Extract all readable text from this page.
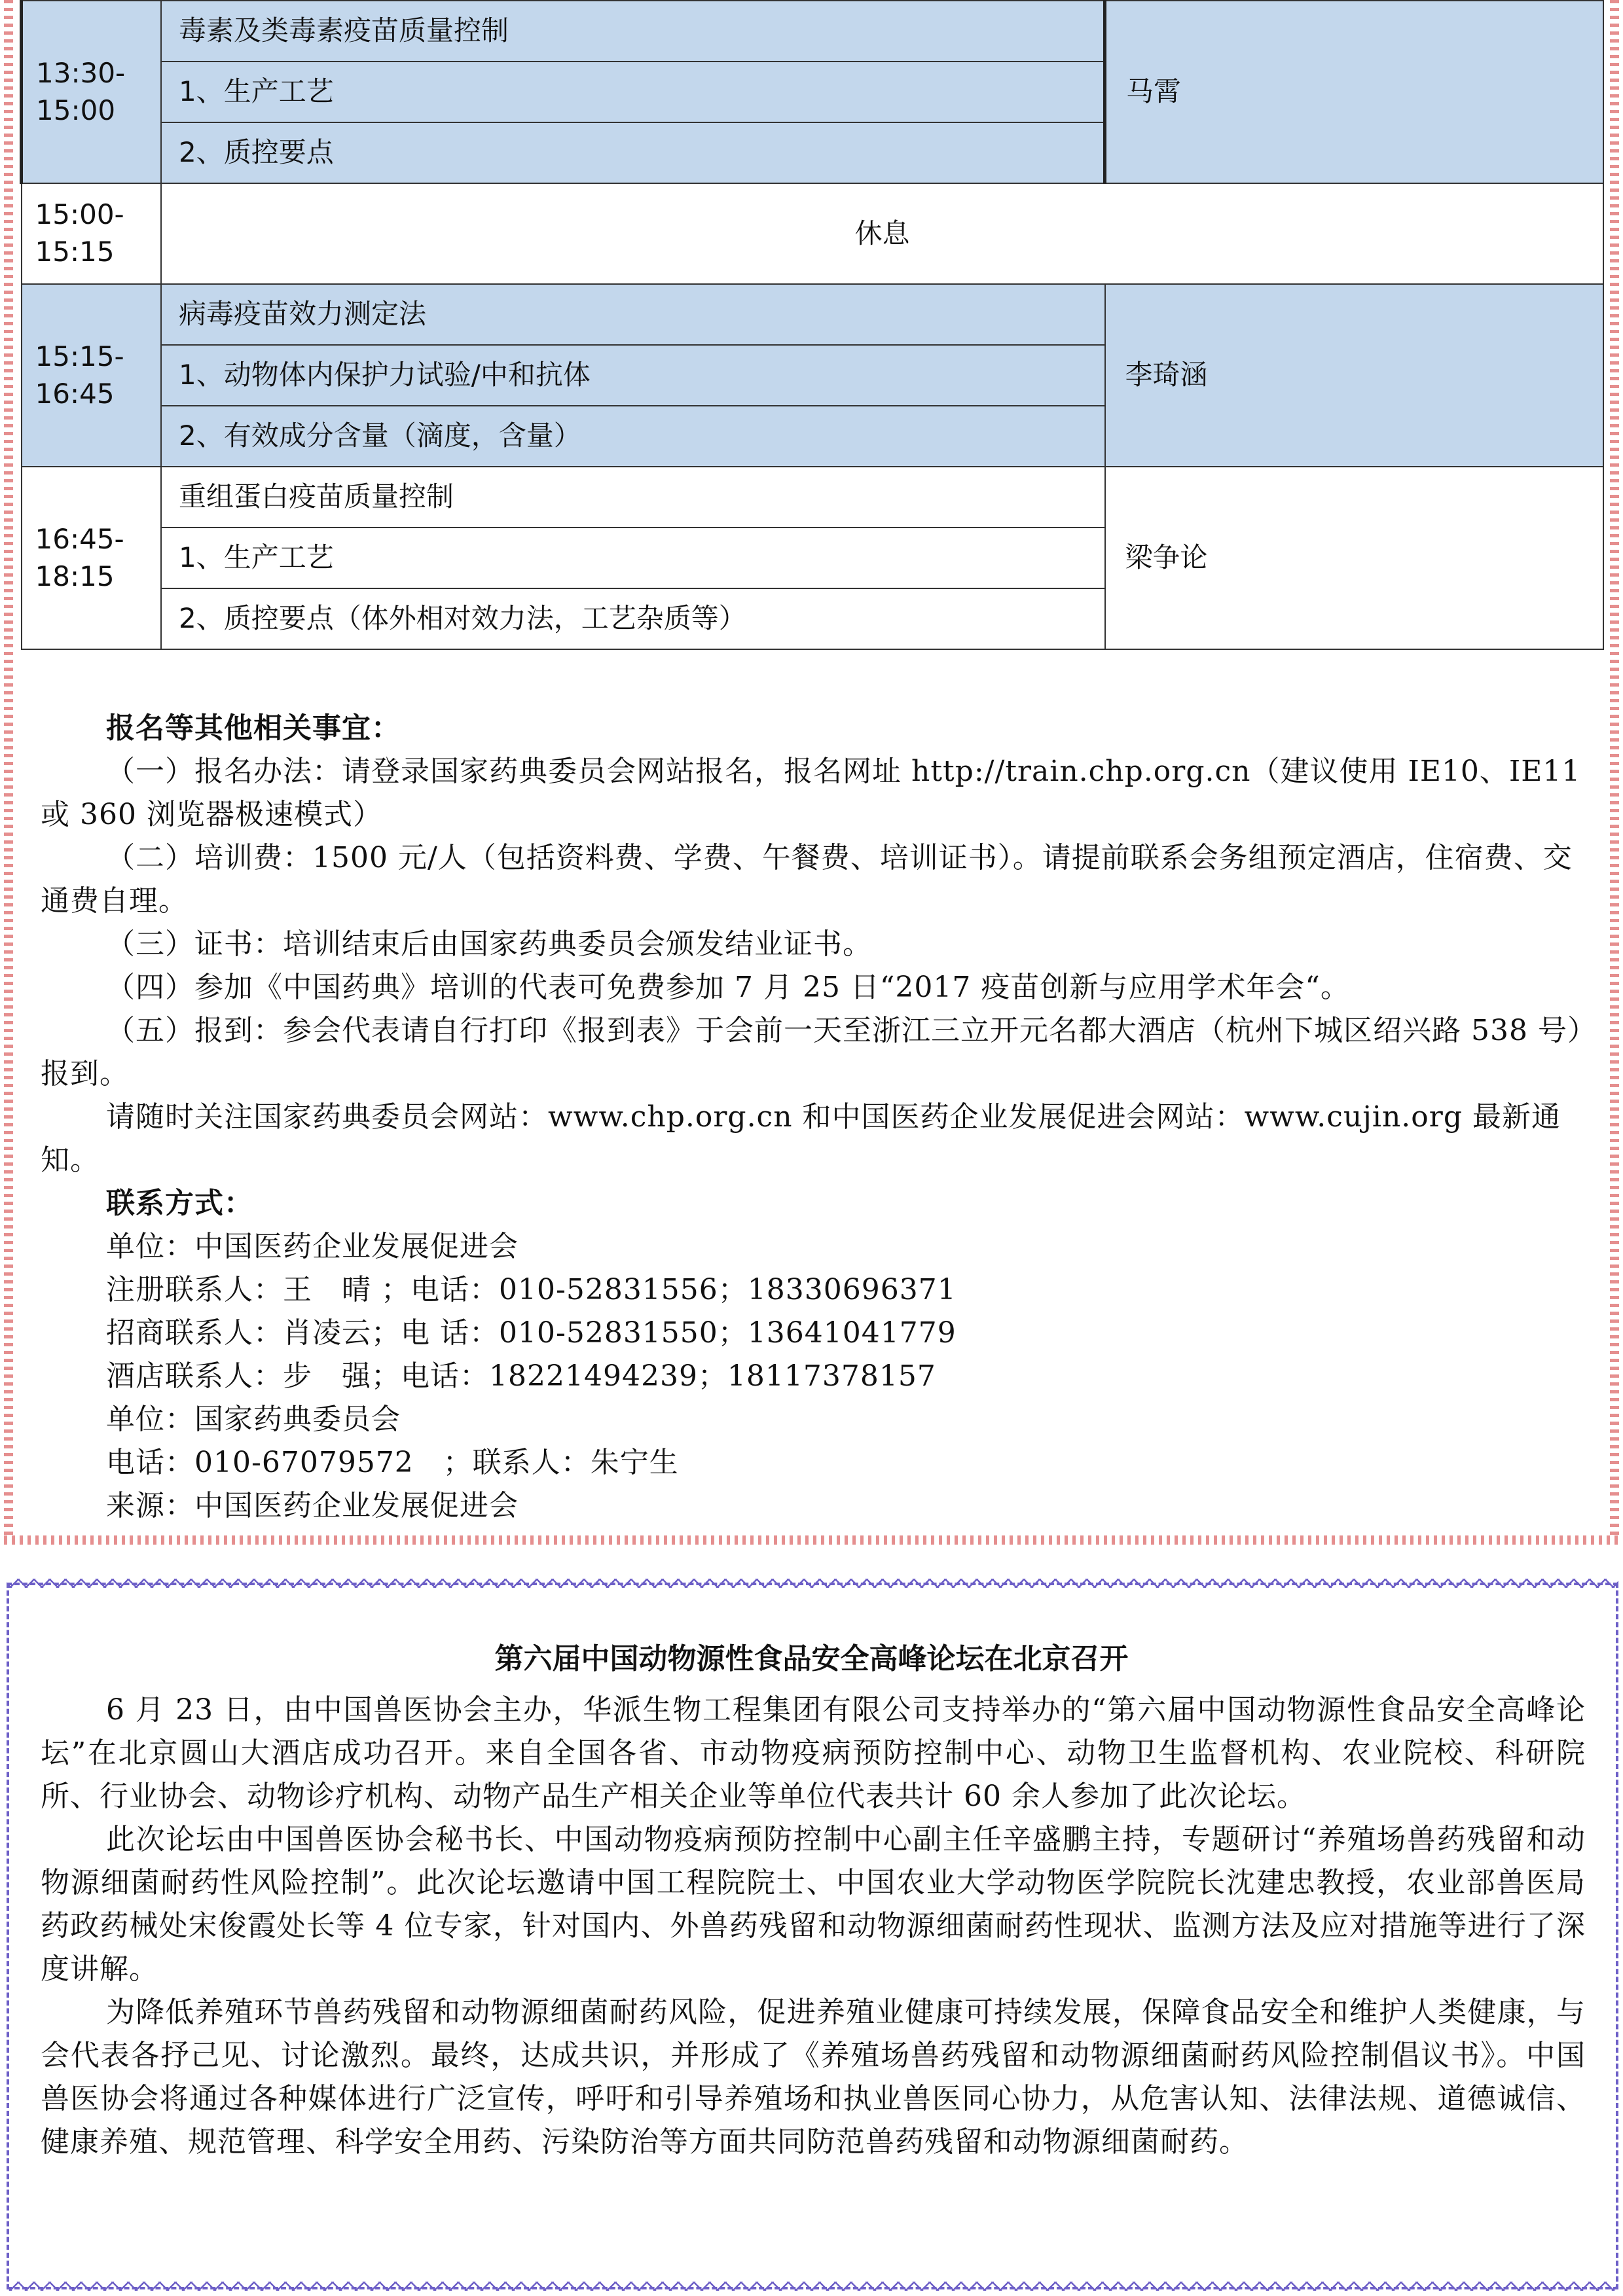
13:30-
15:00	毒素及类毒素疫苗质量控制	马霄
	1、生产工艺	
	2、质控要点	
15:00-
15:15	休息	
15:15-
16:45	病毒疫苗效力测定法	李琦涵
	1、动物体内保护力试验/中和抗体	
	2、有效成分含量（滴度，含量）	
16:45-
18:15	重组蛋白疫苗质量控制	梁争论
	1、生产工艺	
	2、质控要点（体外相对效力法，工艺杂质等）	

报名等其他相关事宜：

（一）报名办法：请登录国家药典委员会网站报名，报名网址 http://train.chp.org.cn（建议使用 IE10、IE11 或 360 浏览器极速模式）

（二）培训费：1500 元/人（包括资料费、学费、午餐费、培训证书）。请提前联系会务组预定酒店，住宿费、交通费自理。

（三）证书：培训结束后由国家药典委员会颁发结业证书。

（四）参加《中国药典》培训的代表可免费参加 7 月 25 日“2017 疫苗创新与应用学术年会“。

（五）报到：参会代表请自行打印《报到表》于会前一天至浙江三立开元名都大酒店（杭州下城区绍兴路 538 号）报到。

请随时关注国家药典委员会网站：www.chp.org.cn 和中国医药企业发展促进会网站：www.cujin.org 最新通知。

联系方式：

单位：中国医药企业发展促进会

注册联系人：王　晴 ；电话：010-52831556；18330696371

招商联系人：肖凌云；电 话：010-52831550；13641041779

酒店联系人：步　强；电话：18221494239；18117378157

单位：国家药典委员会

电话：010-67079572　；联系人：朱宁生

来源：中国医药企业发展促进会

第六届中国动物源性食品安全高峰论坛在北京召开

6 月 23 日，由中国兽医协会主办，华派生物工程集团有限公司支持举办的“第六届中国动物源性食品安全高峰论坛”在北京圆山大酒店成功召开。来自全国各省、市动物疫病预防控制中心、动物卫生监督机构、农业院校、科研院所、行业协会、动物诊疗机构、动物产品生产相关企业等单位代表共计 60 余人参加了此次论坛。

此次论坛由中国兽医协会秘书长、中国动物疫病预防控制中心副主任辛盛鹏主持，专题研讨“养殖场兽药残留和动物源细菌耐药性风险控制”。此次论坛邀请中国工程院院士、中国农业大学动物医学院院长沈建忠教授，农业部兽医局药政药械处宋俊霞处长等 4 位专家，针对国内、外兽药残留和动物源细菌耐药性现状、监测方法及应对措施等进行了深度讲解。

为降低养殖环节兽药残留和动物源细菌耐药风险，促进养殖业健康可持续发展，保障食品安全和维护人类健康，与会代表各抒己见、讨论激烈。最终，达成共识，并形成了《养殖场兽药残留和动物源细菌耐药风险控制倡议书》。中国兽医协会将通过各种媒体进行广泛宣传，呼吁和引导养殖场和执业兽医同心协力，从危害认知、法律法规、道德诚信、健康养殖、规范管理、科学安全用药、污染防治等方面共同防范兽药残留和动物源细菌耐药。
